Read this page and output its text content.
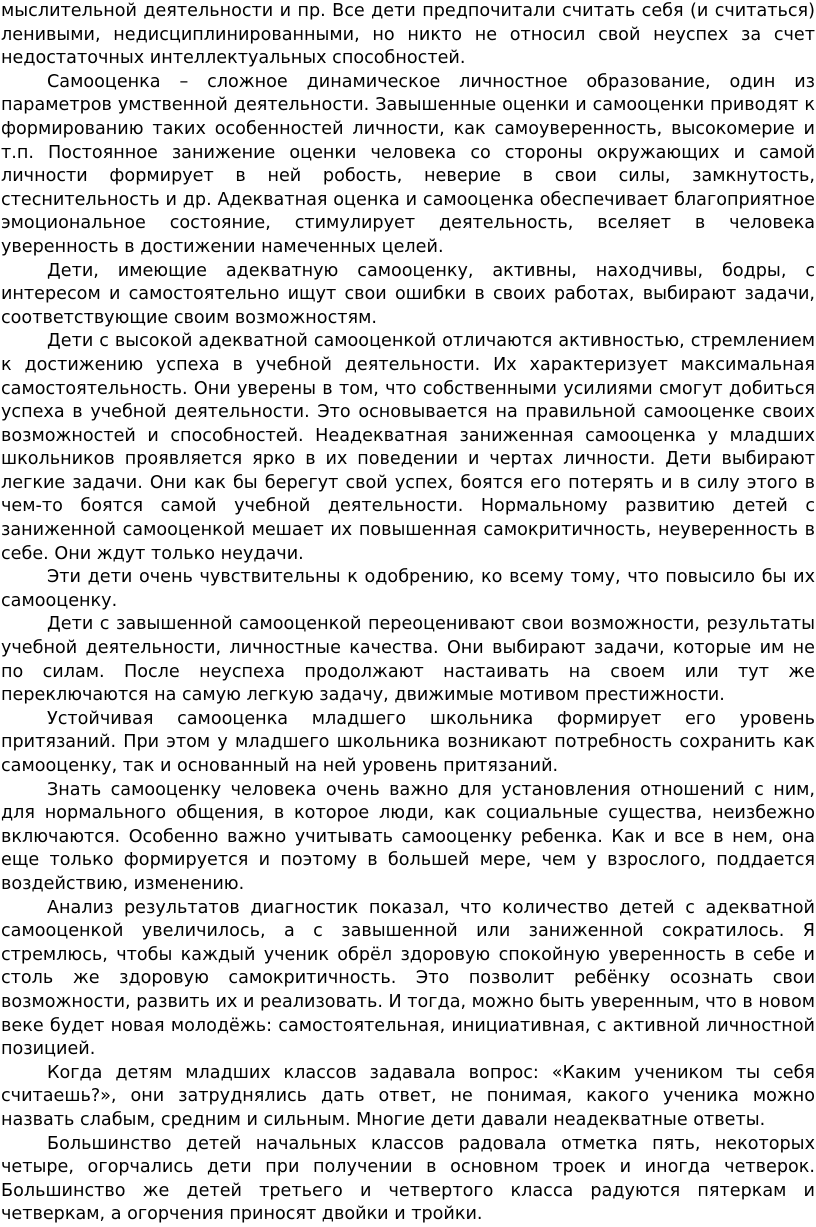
мыслительной деятельности и пр. Все дети предпочитали считать себя (и считаться) ленивыми, недисциплинированными, но никто не относил свой неуспех за счет недостаточных интеллектуальных способностей.

Самооценка – сложное динамическое личностное образование, один из параметров умственной деятельности. Завышенные оценки и самооценки приводят к формированию таких особенностей личности, как самоуверенность, высокомерие и т.п. Постоянное занижение оценки человека со стороны окружающих и самой личности формирует в ней робость, неверие в свои силы, замкнутость, стеснительность и др. Адекватная оценка и самооценка обеспечивает благоприятное эмоциональное состояние, стимулирует деятельность, вселяет в человека уверенность в достижении намеченных целей.

Дети, имеющие адекватную самооценку, активны, находчивы, бодры, с интересом и самостоятельно ищут свои ошибки в своих работах, выбирают задачи, соответствующие своим возможностям.

Дети с высокой адекватной самооценкой отличаются активностью, стремлением к достижению успеха в учебной деятельности. Их характеризует максимальная самостоятельность. Они уверены в том, что собственными усилиями смогут добиться успеха в учебной деятельности. Это основывается на правильной самооценке своих возможностей и способностей. Неадекватная заниженная самооценка у младших школьников проявляется ярко в их поведении и чертах личности. Дети выбирают легкие задачи. Они как бы берегут свой успех, боятся его потерять и в силу этого в чем-то боятся самой учебной деятельности. Нормальному развитию детей с заниженной самооценкой мешает их повышенная самокритичность, неуверенность в себе. Они ждут только неудачи.

Эти дети очень чувствительны к одобрению, ко всему тому, что повысило бы их самооценку.

Дети с завышенной самооценкой переоценивают свои возможности, результаты учебной деятельности, личностные качества. Они выбирают задачи, которые им не по силам. После неуспеха продолжают настаивать на своем или тут же переключаются на самую легкую задачу, движимые мотивом престижности.

Устойчивая самооценка младшего школьника формирует его уровень притязаний. При этом у младшего школьника возникают потребность сохранить как самооценку, так и основанный на ней уровень притязаний.

Знать самооценку человека очень важно для установления отношений с ним, для нормального общения, в которое люди, как социальные существа, неизбежно включаются. Особенно важно учитывать самооценку ребенка. Как и все в нем, она еще только формируется и поэтому в большей мере, чем у взрослого, поддается воздействию, изменению.

Анализ результатов диагностик показал, что количество детей с адекватной самооценкой увеличилось, а с завышенной или заниженной сократилось. Я стремлюсь, чтобы каждый ученик обрёл здоровую спокойную уверенность в себе и столь же здоровую самокритичность. Это позволит ребёнку осознать свои возможности, развить их и реализовать. И тогда, можно быть уверенным, что в новом веке будет новая молодёжь: самостоятельная, инициативная, с активной личностной позицией.

Когда детям младших классов задавала вопрос: «Каким учеником ты себя считаешь?», они затруднялись дать ответ, не понимая, какого ученика можно назвать слабым, средним и сильным. Многие дети давали неадекватные ответы.

Большинство детей начальных классов радовала отметка пять, некоторых четыре, огорчались дети при получении в основном троек и иногда четверок. Большинство же детей третьего и четвертого класса радуются пятеркам и четверкам, а огорчения приносят двойки и тройки.
